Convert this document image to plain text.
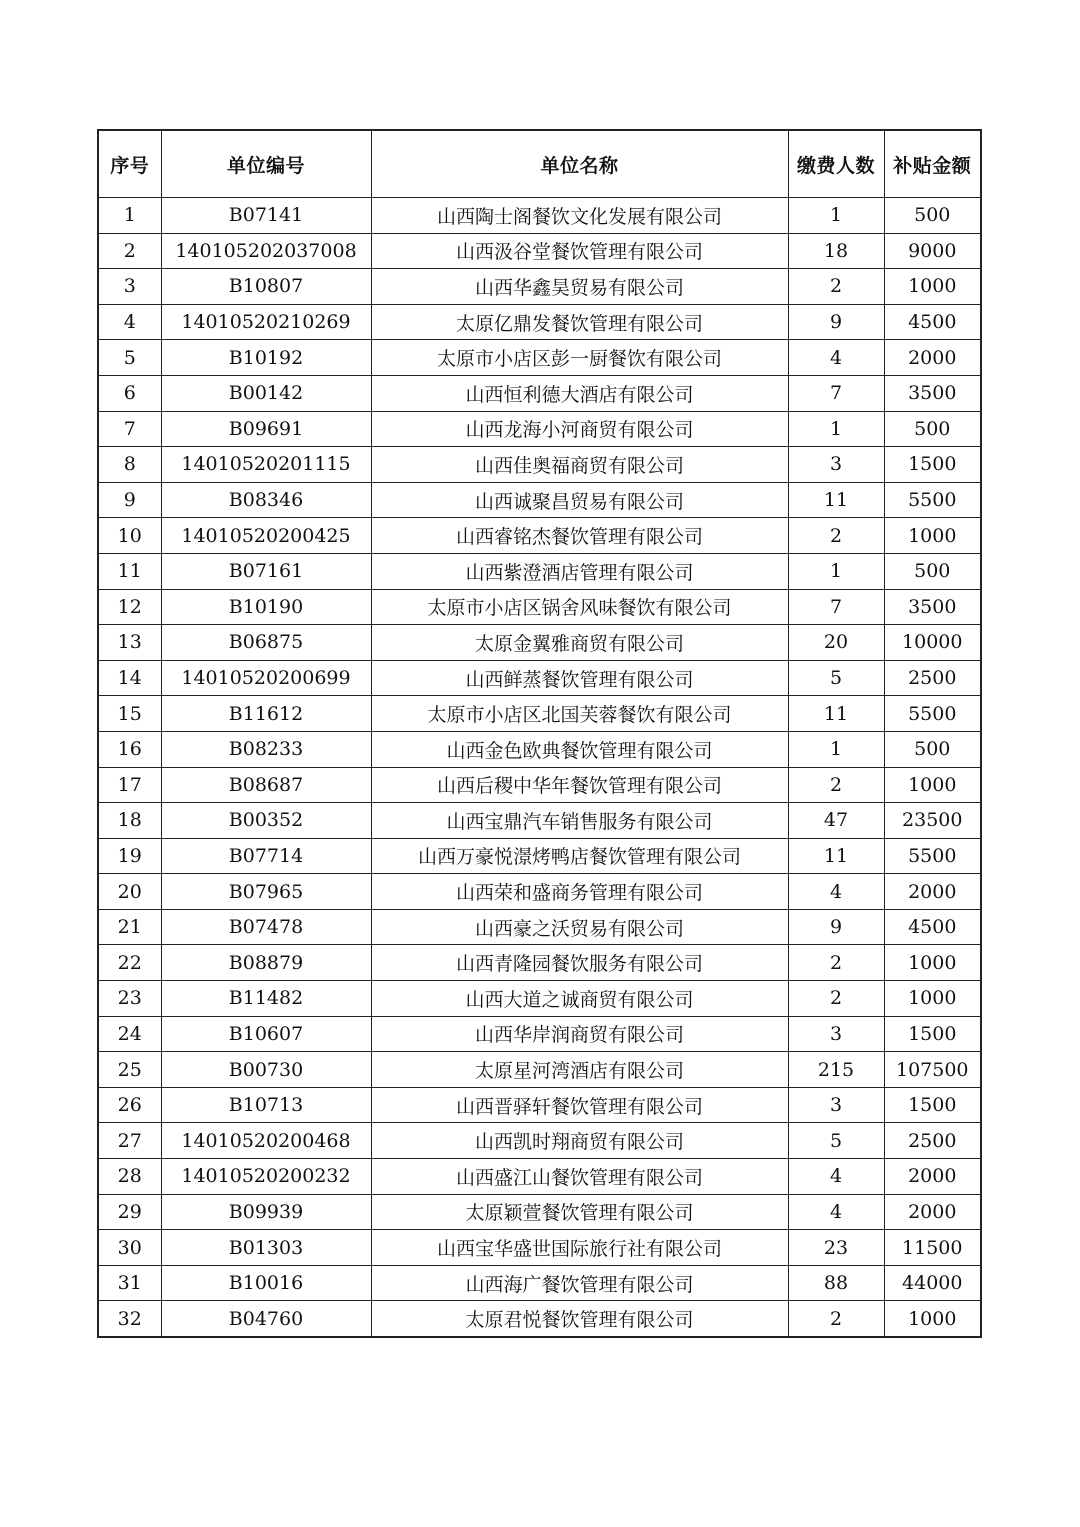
序号	单位编号	单位名称	缴费人数	补贴金额
1	B07141	山西陶士阁餐饮文化发展有限公司	1	500
2	140105202037008	山西汲谷堂餐饮管理有限公司	18	9000
3	B10807	山西华鑫昊贸易有限公司	2	1000
4	14010520210269	太原亿鼎发餐饮管理有限公司	9	4500
5	B10192	太原市小店区彭一厨餐饮有限公司	4	2000
6	B00142	山西恒利德大酒店有限公司	7	3500
7	B09691	山西龙海小河商贸有限公司	1	500
8	14010520201115	山西佳奥福商贸有限公司	3	1500
9	B08346	山西诚聚昌贸易有限公司	11	5500
10	14010520200425	山西睿铭杰餐饮管理有限公司	2	1000
11	B07161	山西紫澄酒店管理有限公司	1	500
12	B10190	太原市小店区锅舍风味餐饮有限公司	7	3500
13	B06875	太原金翼雅商贸有限公司	20	10000
14	14010520200699	山西鲜蒸餐饮管理有限公司	5	2500
15	B11612	太原市小店区北国芙蓉餐饮有限公司	11	5500
16	B08233	山西金色欧典餐饮管理有限公司	1	500
17	B08687	山西后稷中华年餐饮管理有限公司	2	1000
18	B00352	山西宝鼎汽车销售服务有限公司	47	23500
19	B07714	山西万豪悦澋烤鸭店餐饮管理有限公司	11	5500
20	B07965	山西荣和盛商务管理有限公司	4	2000
21	B07478	山西豪之沃贸易有限公司	9	4500
22	B08879	山西青隆园餐饮服务有限公司	2	1000
23	B11482	山西大道之诚商贸有限公司	2	1000
24	B10607	山西华岸润商贸有限公司	3	1500
25	B00730	太原星河湾酒店有限公司	215	107500
26	B10713	山西晋驿轩餐饮管理有限公司	3	1500
27	14010520200468	山西凯时翔商贸有限公司	5	2500
28	14010520200232	山西盛江山餐饮管理有限公司	4	2000
29	B09939	太原颖萱餐饮管理有限公司	4	2000
30	B01303	山西宝华盛世国际旅行社有限公司	23	11500
31	B10016	山西海广餐饮管理有限公司	88	44000
32	B04760	太原君悦餐饮管理有限公司	2	1000
